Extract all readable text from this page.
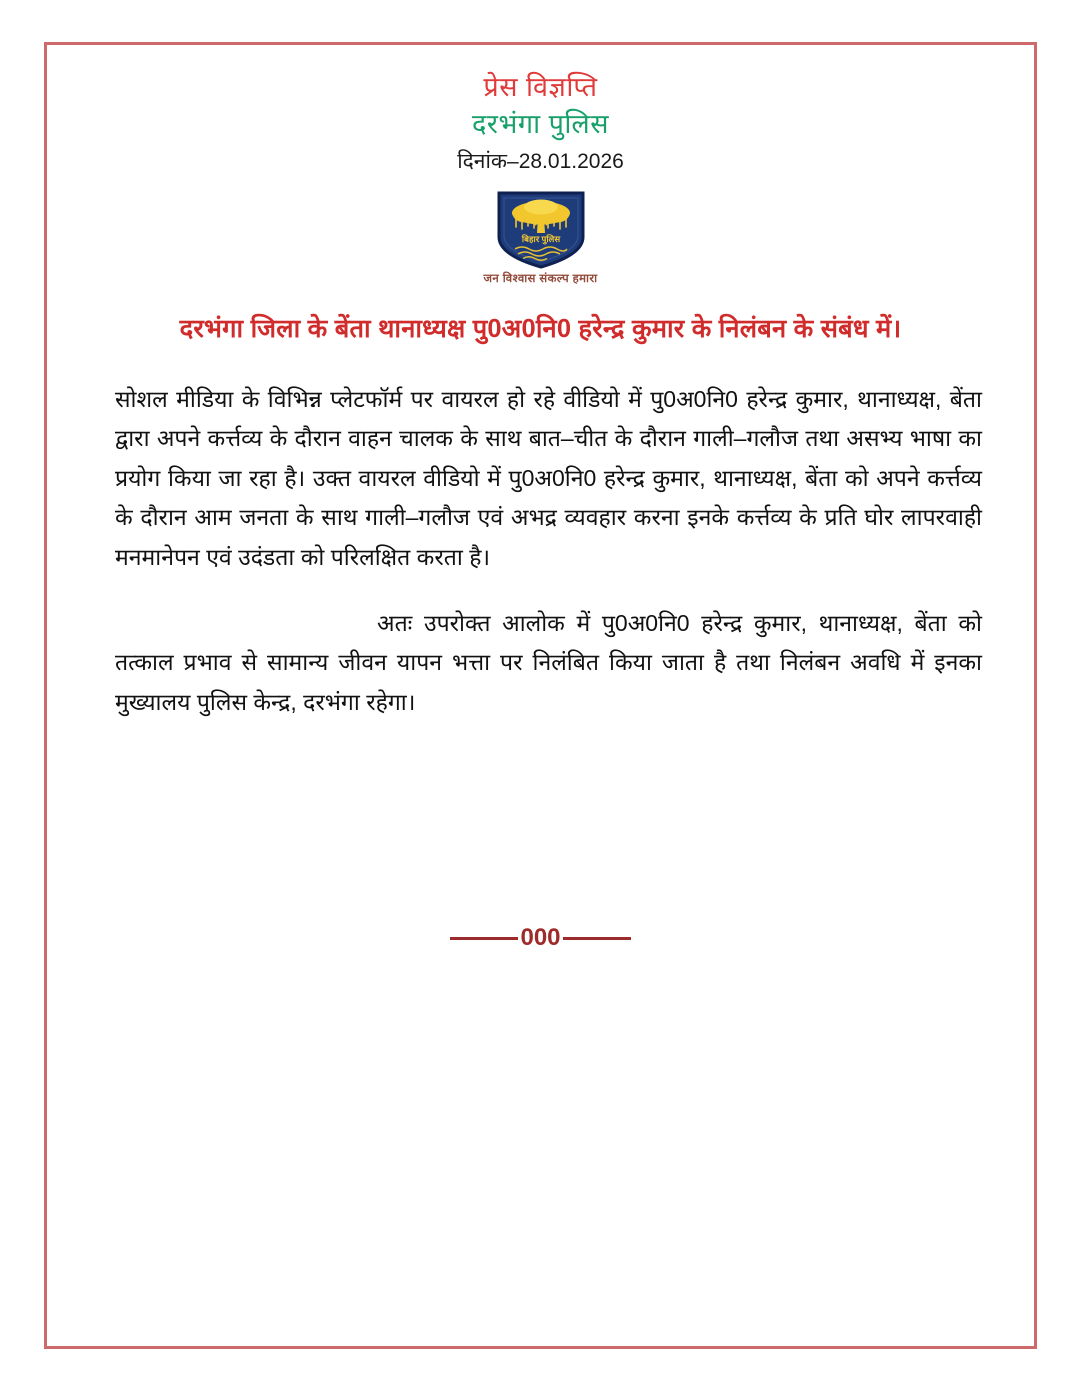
प्रेस विज्ञप्ति
दरभंगा पुलिस
दिनांक–28.01.2026
बिहार पुलिस
जन विश्वास संकल्प हमारा
दरभंगा जिला के बेंता थानाध्यक्ष पु0अ0नि0 हरेन्द्र कुमार के निलंबन के संबंध में।

सोशल मीडिया के विभिन्न प्लेटफॉर्म पर वायरल हो रहे वीडियो में पु0अ0नि0 हरेन्द्र कुमार, थानाध्यक्ष, बेंता द्वारा अपने कर्त्तव्य के दौरान वाहन चालक के साथ बात–चीत के दौरान गाली–गलौज तथा असभ्य भाषा का प्रयोग किया जा रहा है। उक्त वायरल वीडियो में पु0अ0नि0 हरेन्द्र कुमार, थानाध्यक्ष, बेंता को अपने कर्त्तव्य के दौरान आम जनता के साथ गाली–गलौज एवं अभद्र व्यवहार करना इनके कर्त्तव्य के प्रति घोर लापरवाही मनमानेपन एवं उदंडता को परिलक्षित करता है।

अतः उपरोक्त आलोक में पु0अ0नि0 हरेन्द्र कुमार, थानाध्यक्ष, बेंता को तत्काल प्रभाव से सामान्य जीवन यापन भत्ता पर निलंबित किया जाता है तथा निलंबन अवधि में इनका मुख्यालय पुलिस केन्द्र, दरभंगा रहेगा।

000
